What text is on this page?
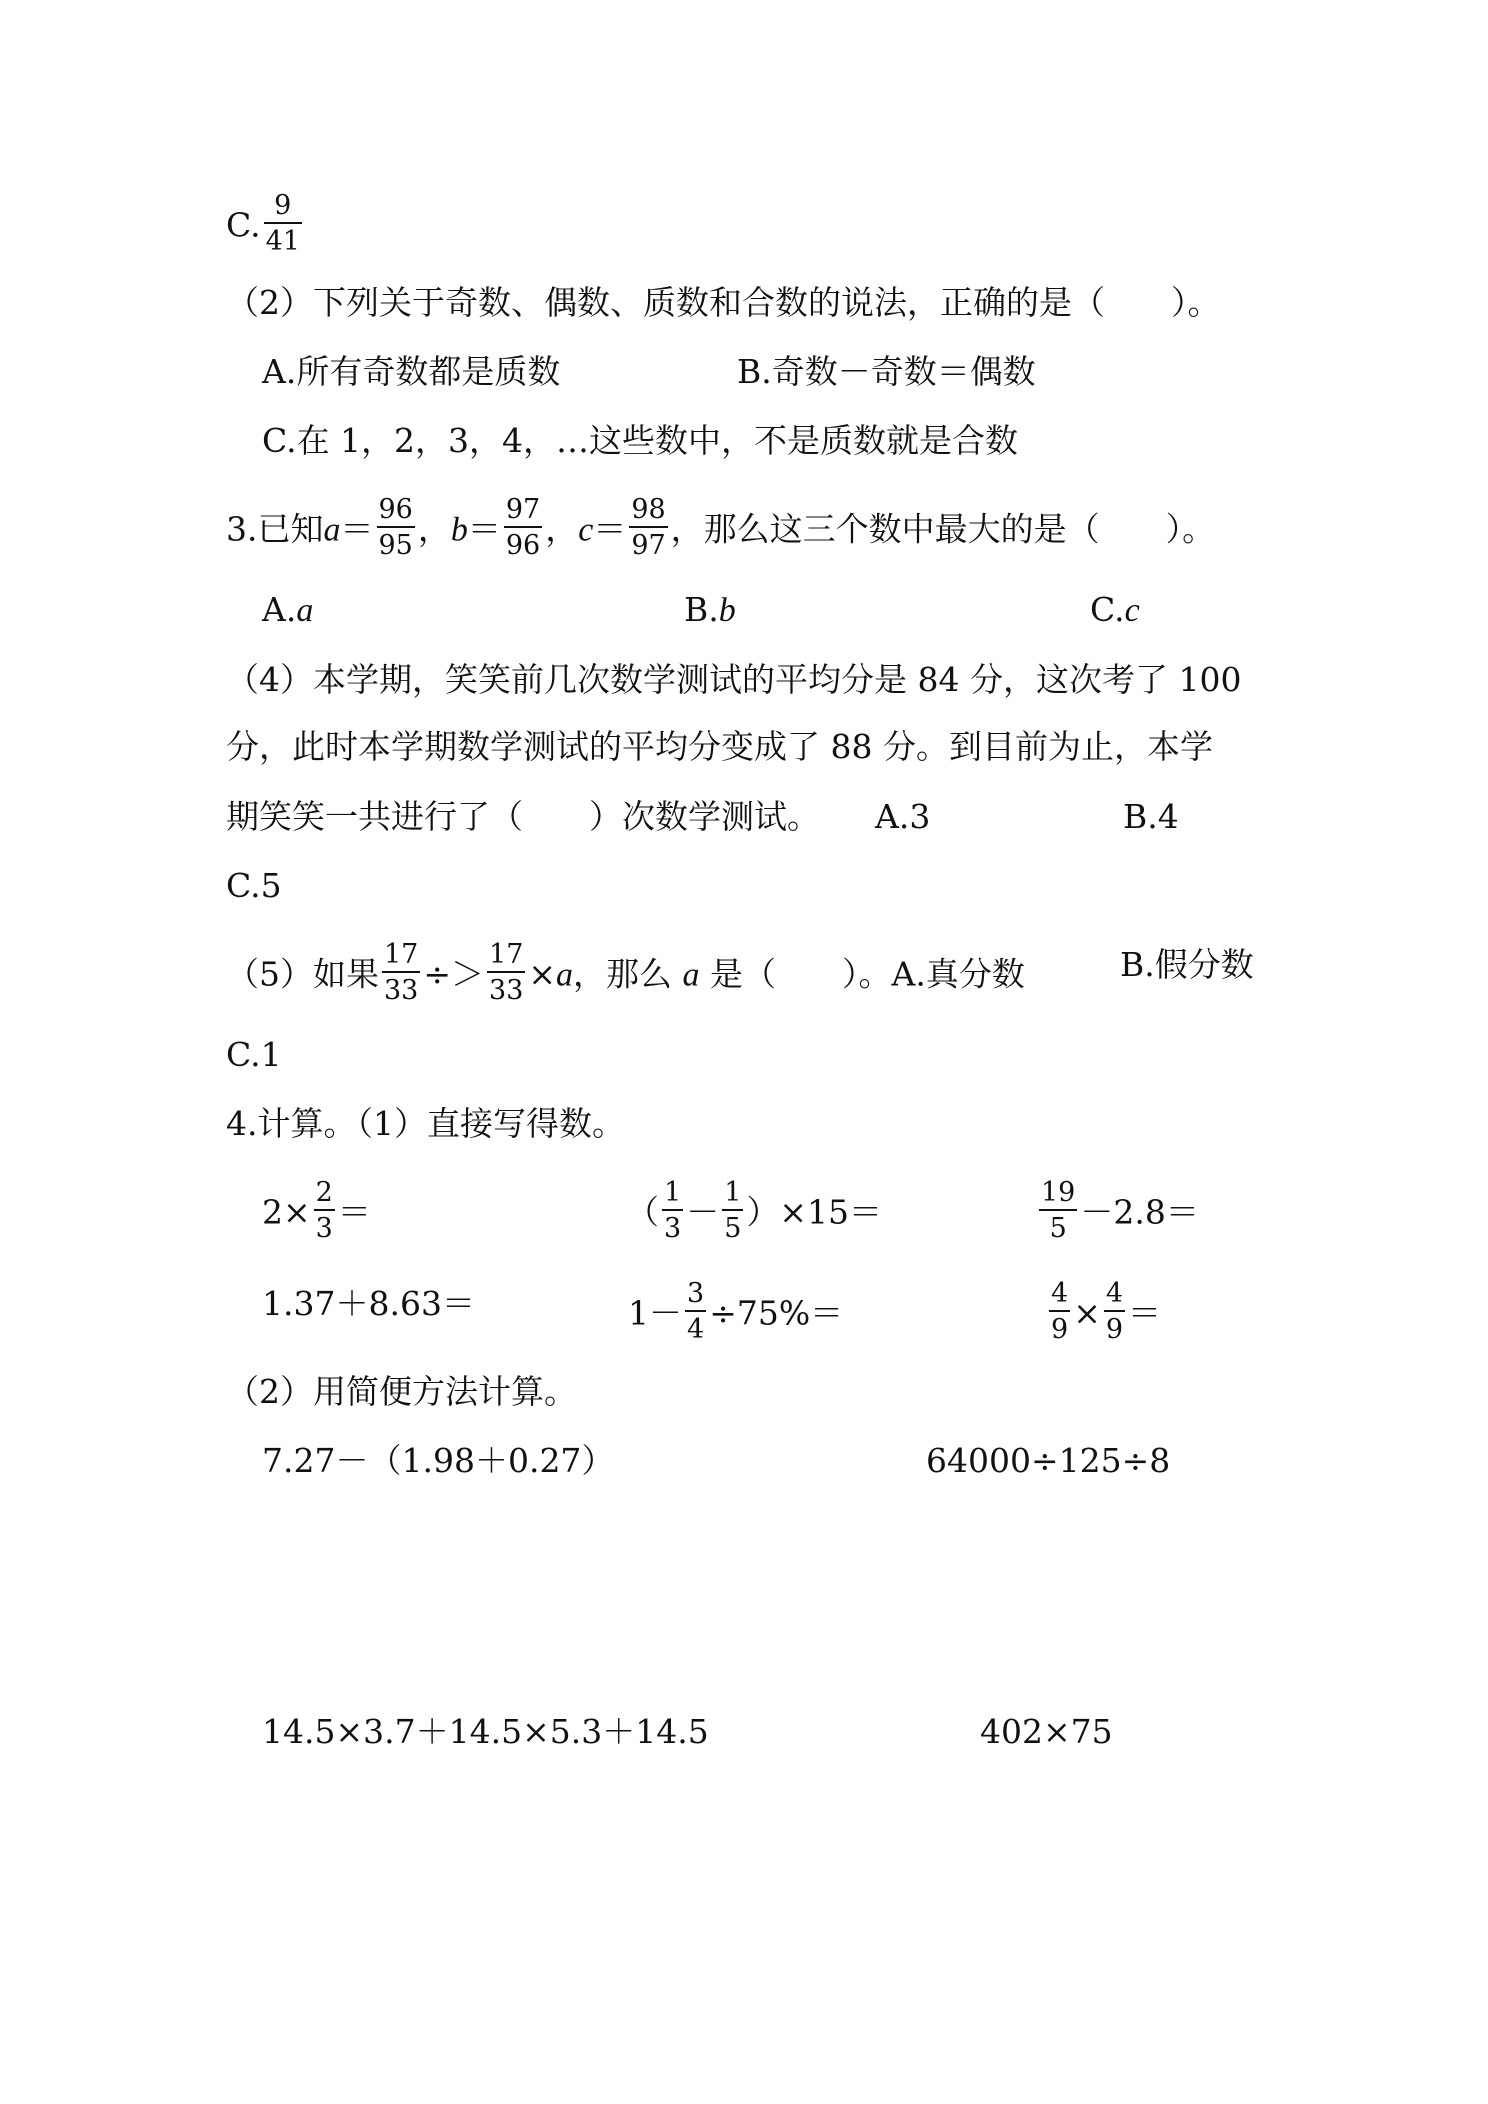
C. $\frac{9}{41}$
（2）下列关于奇数、偶数、质数和合数的说法，正确的是（　　）。
A.所有奇数都是质数	B.奇数－奇数＝偶数
C.在 1，2，3，4，…这些数中，不是质数就是合数
3.已知$a= \frac{96}{95}$ ，$b= \frac{97}{96}$ ，$c= \frac{98}{97}$ ，那么这三个数中最大的是（　　）。
A.a	B.b	C.c
（4）本学期，笑笑前几次数学测试的平均分是 84 分，这次考了 100
分，此时本学期数学测试的平均分变成了 88 分。到目前为止，本学
期笑笑一共进行了（　　）次数学测试。 A.3	B.4
C.5
（5）如果 $\frac{17}{33} \div> \frac{17}{33} \times a$，那么 a 是（　　）。A.真分数	B.假分数
C.1
4.计算。（1）直接写得数。
$2\times \frac{2}{3}$ ＝	（ $\frac{1}{3} - \frac{1}{5} )\times 15=$	$\frac{19}{5} -2.8=$
1.37＋8.63＝	$1- \frac{3}{4} \div 75\%=$	$\frac{4}{9} \times \frac{4}{9}$ ＝
（2）用简便方法计算。
7.27－（1.98＋0.27）	64000÷125÷8
14.5×3.7＋14.5×5.3＋14.5	402×75
